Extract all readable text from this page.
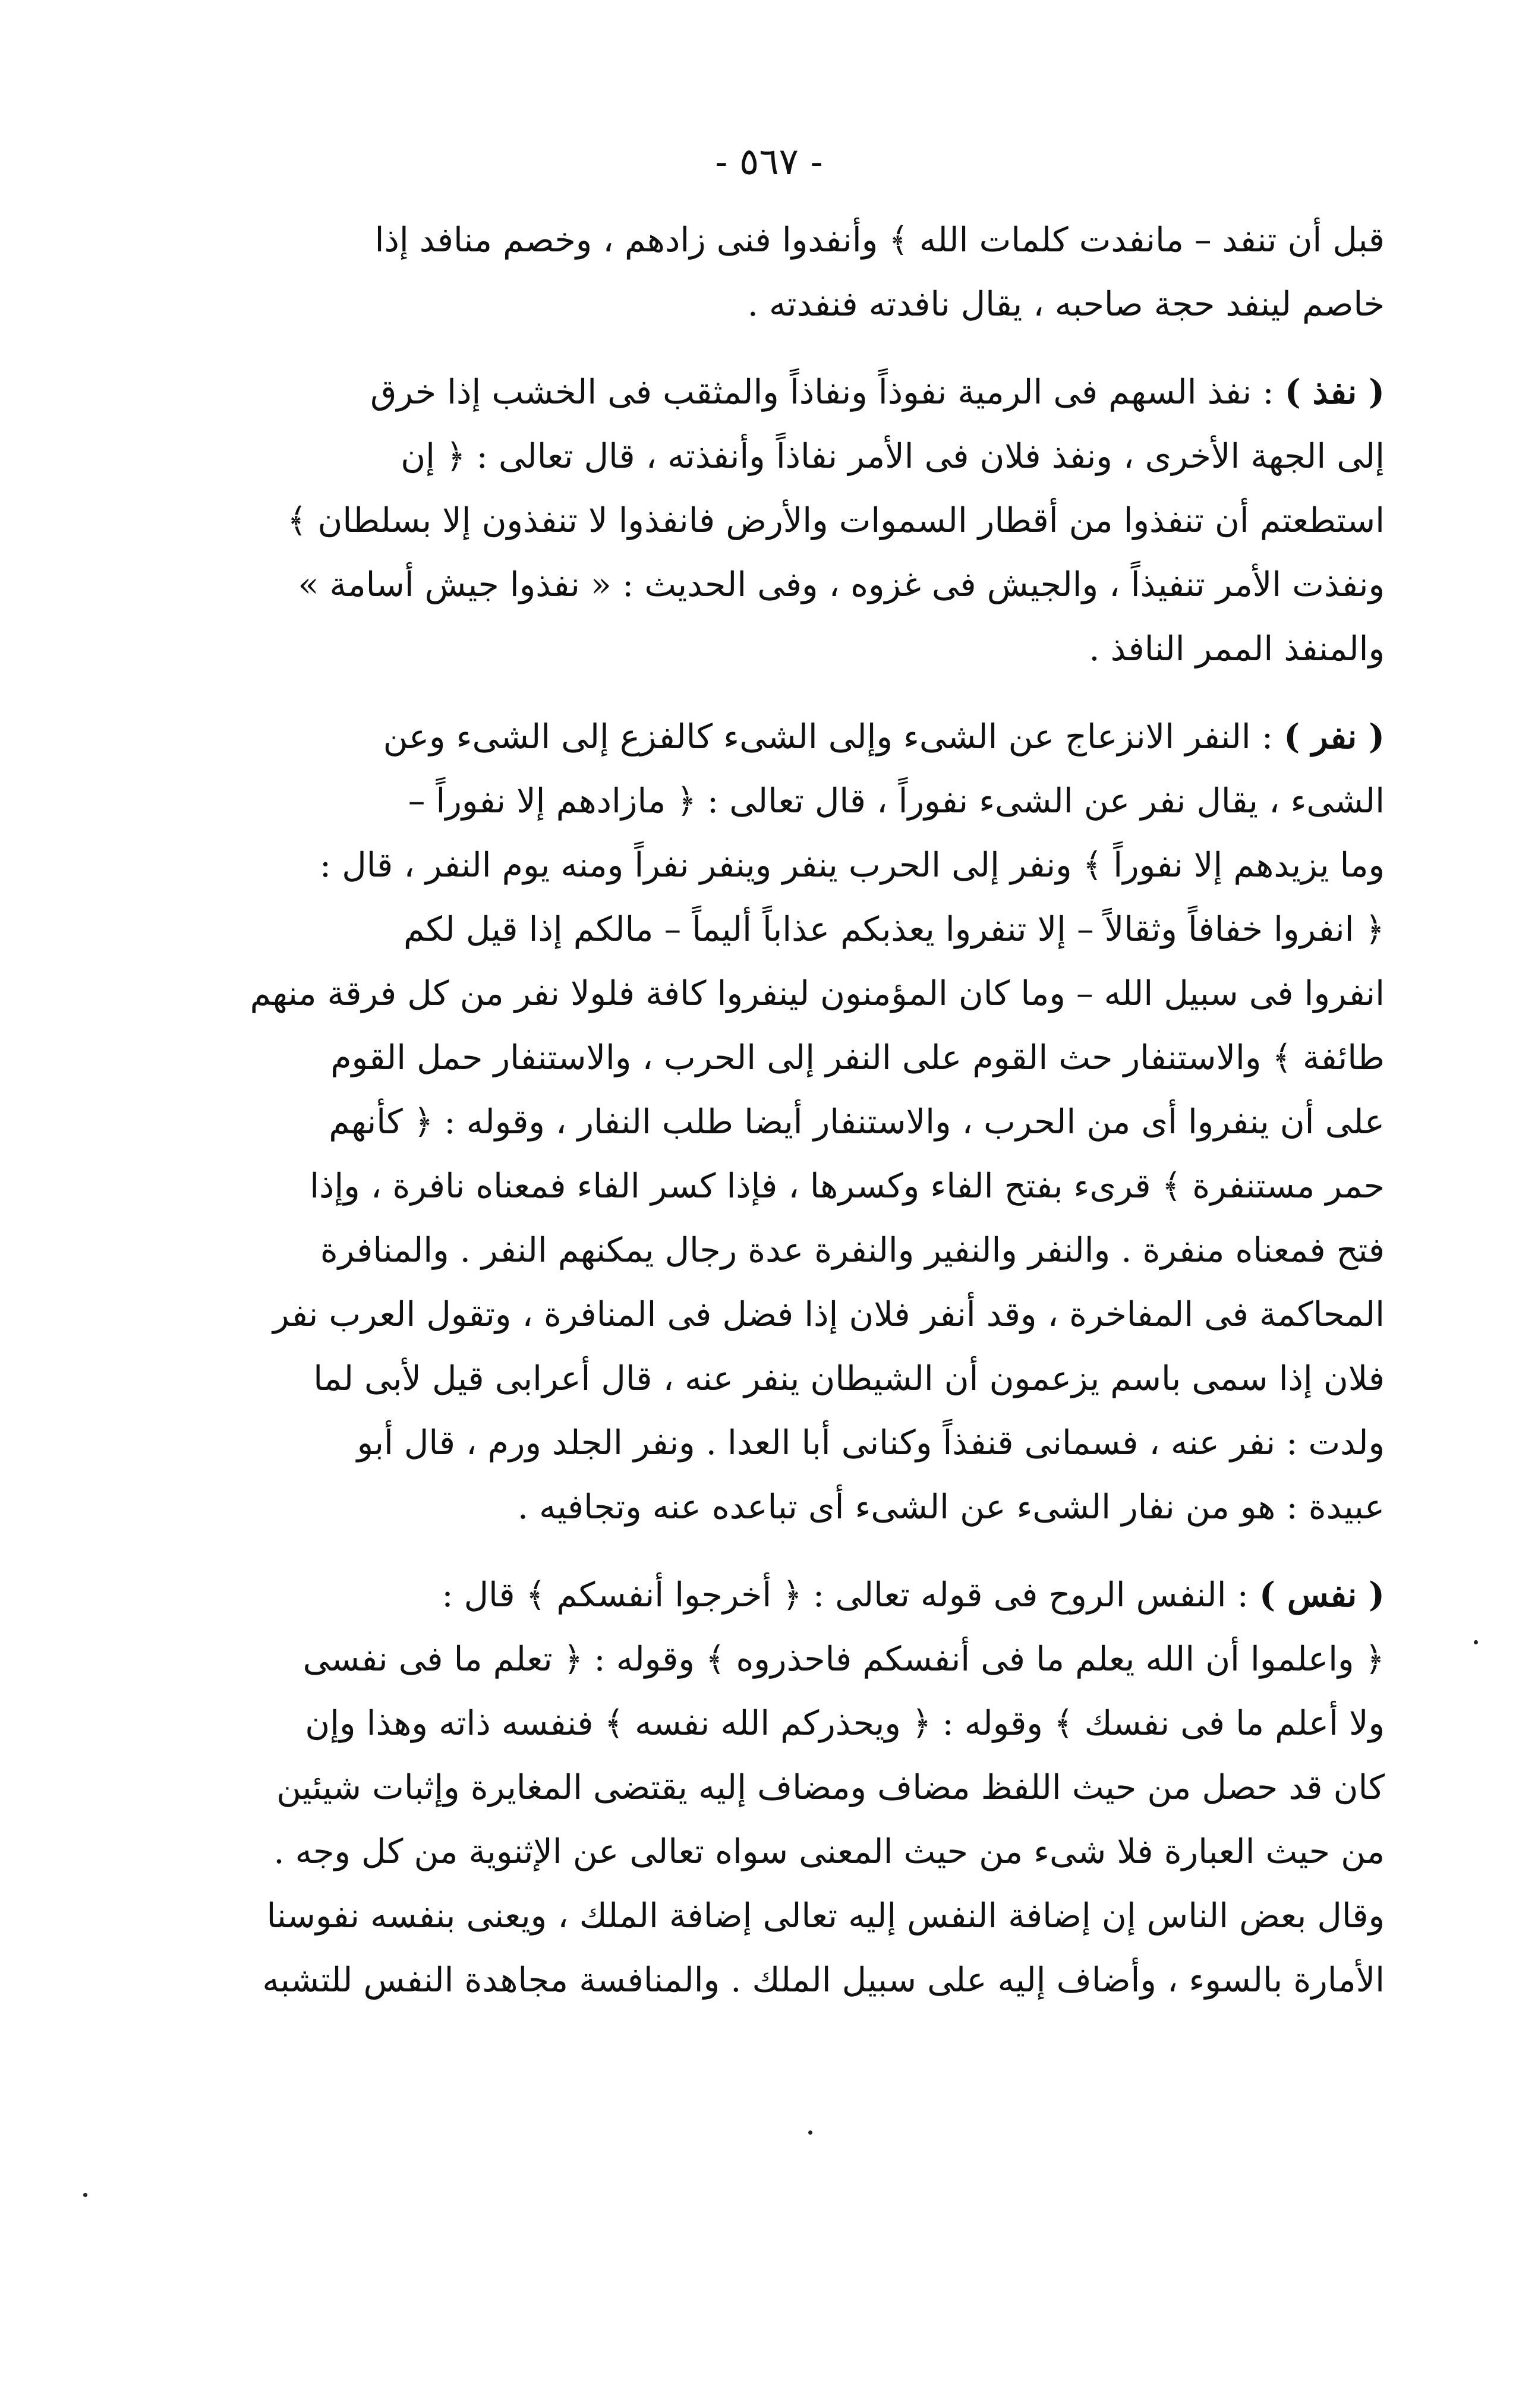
- ٥٦٧ -
قبل أن تنفد – مانفدت كلمات الله ﴾ وأنفدوا فنى زادهم ، وخصم منافد إذا
خاصم لينفد حجة صاحبه ، يقال نافدته فنفدته .
( نفذ ) : نفذ السهم فى الرمية نفوذاً ونفاذاً والمثقب فى الخشب إذا خرق
إلى الجهة الأخرى ، ونفذ فلان فى الأمر نفاذاً وأنفذته ، قال تعالى : ﴿ إن
استطعتم أن تنفذوا من أقطار السموات والأرض فانفذوا لا تنفذون إلا بسلطان ﴾
ونفذت الأمر تنفيذاً ، والجيش فى غزوه ، وفى الحديث : « نفذوا جيش أسامة »
والمنفذ الممر النافذ .
( نفر ) : النفر الانزعاج عن الشىء وإلى الشىء كالفزع إلى الشىء وعن
الشىء ، يقال نفر عن الشىء نفوراً ، قال تعالى : ﴿ مازادهم إلا نفوراً –
وما يزيدهم إلا نفوراً ﴾ ونفر إلى الحرب ينفر وينفر نفراً ومنه يوم النفر ، قال :
﴿ انفروا خفافاً وثقالاً – إلا تنفروا يعذبكم عذاباً أليماً – مالكم إذا قيل لكم
انفروا فى سبيل الله – وما كان المؤمنون لينفروا كافة فلولا نفر من كل فرقة منهم
طائفة ﴾ والاستنفار حث القوم على النفر إلى الحرب ، والاستنفار حمل القوم
على أن ينفروا أى من الحرب ، والاستنفار أيضا طلب النفار ، وقوله : ﴿ كأنهم
حمر مستنفرة ﴾ قرىء بفتح الفاء وكسرها ، فإذا كسر الفاء فمعناه نافرة ، وإذا
فتح فمعناه منفرة . والنفر والنفير والنفرة عدة رجال يمكنهم النفر . والمنافرة
المحاكمة فى المفاخرة ، وقد أنفر فلان إذا فضل فى المنافرة ، وتقول العرب نفر
فلان إذا سمى باسم يزعمون أن الشيطان ينفر عنه ، قال أعرابى قيل لأبى لما
ولدت : نفر عنه ، فسمانى قنفذاً وكنانى أبا العدا . ونفر الجلد ورم ، قال أبو
عبيدة : هو من نفار الشىء عن الشىء أى تباعده عنه وتجافيه .
( نفس ) : النفس الروح فى قوله تعالى : ﴿ أخرجوا أنفسكم ﴾ قال :
﴿ واعلموا أن الله يعلم ما فى أنفسكم فاحذروه ﴾ وقوله : ﴿ تعلم ما فى نفسى
ولا أعلم ما فى نفسك ﴾ وقوله : ﴿ ويحذركم الله نفسه ﴾ فنفسه ذاته وهذا وإن
كان قد حصل من حيث اللفظ مضاف ومضاف إليه يقتضى المغايرة وإثبات شيئين
من حيث العبارة فلا شىء من حيث المعنى سواه تعالى عن الإثنوية من كل وجه .
وقال بعض الناس إن إضافة النفس إليه تعالى إضافة الملك ، ويعنى بنفسه نفوسنا
الأمارة بالسوء ، وأضاف إليه على سبيل الملك . والمنافسة مجاهدة النفس للتشبه
